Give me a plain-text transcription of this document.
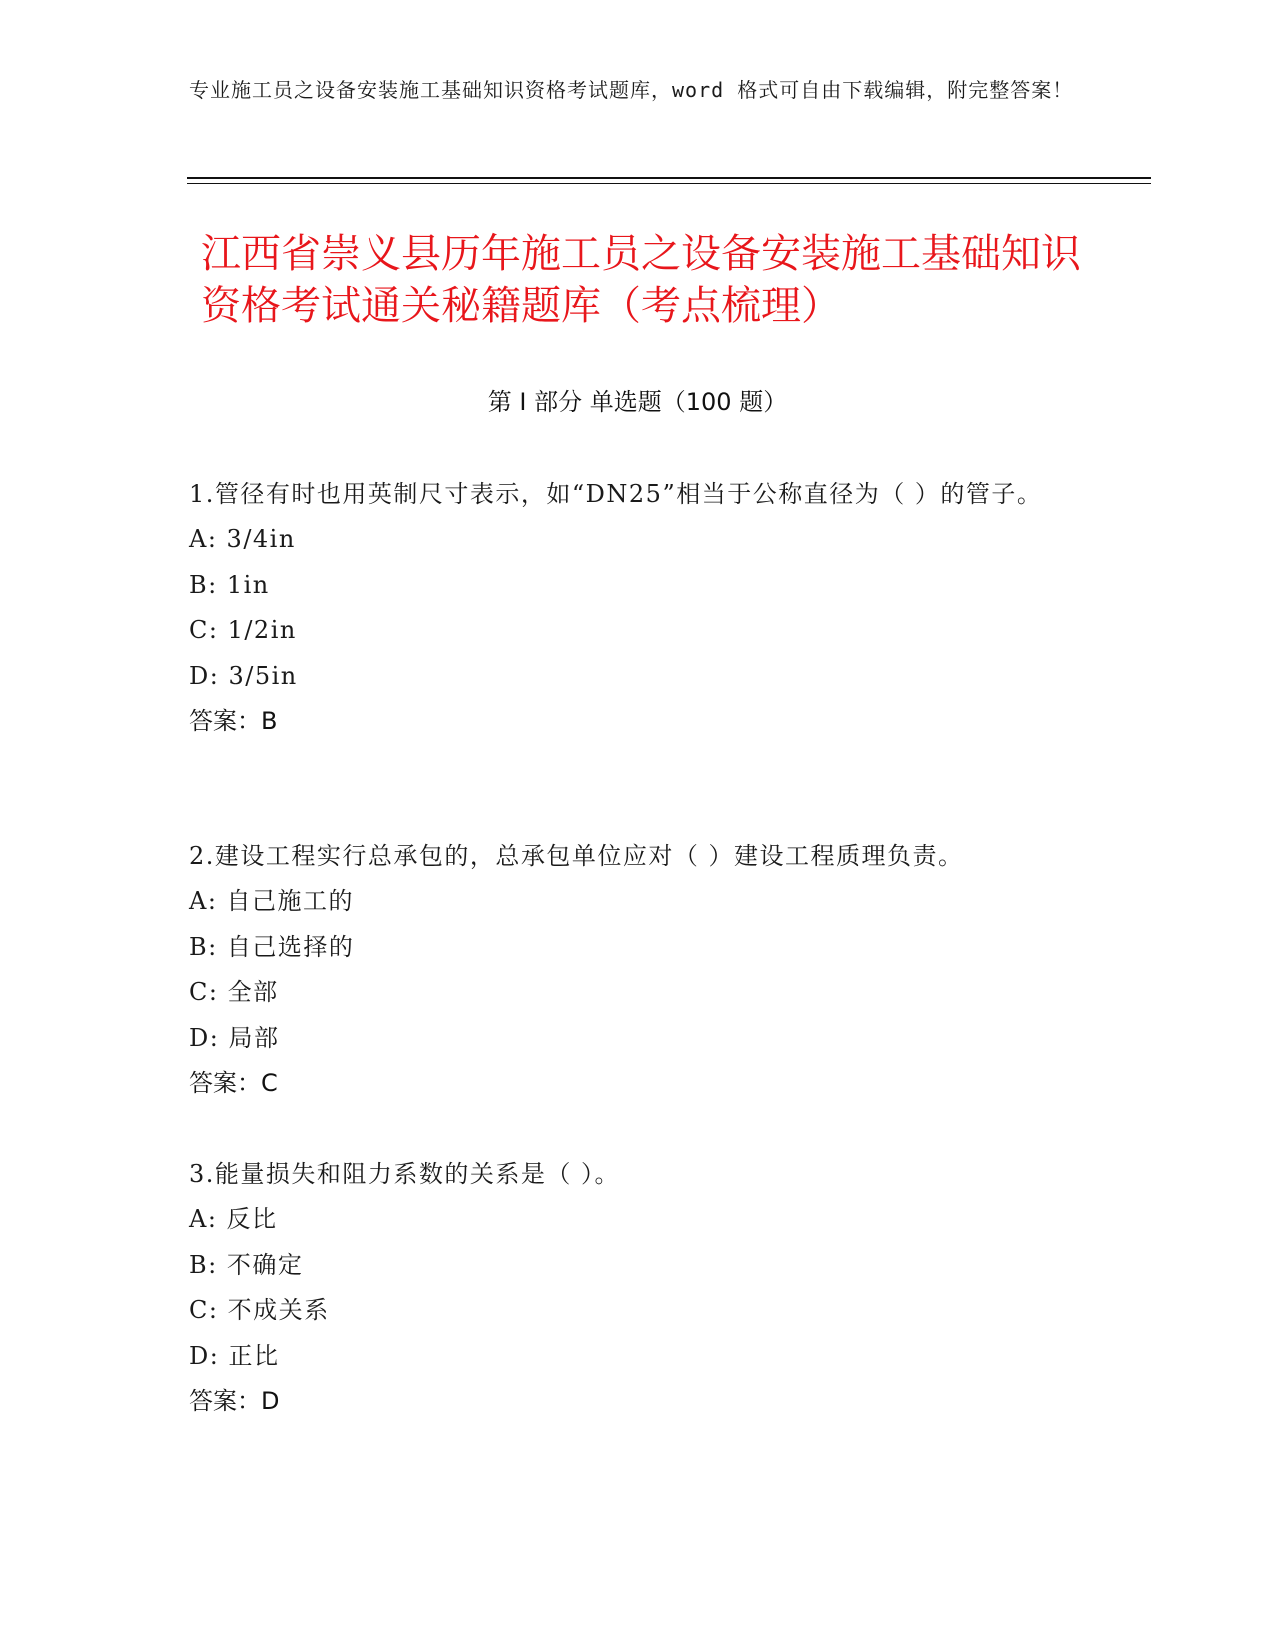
专业施工员之设备安装施工基础知识资格考试题库，word 格式可自由下载编辑，附完整答案！
江西省崇义县历年施工员之设备安装施工基础知识资格考试通关秘籍题库（考点梳理）
第 I 部分 单选题（100 题）
1.管径有时也用英制尺寸表示，如“DN25”相当于公称直径为（ ）的管子。
A: 3/4in
B: 1in
C: 1/2in
D: 3/5in
答案：B
2.建设工程实行总承包的，总承包单位应对（ ）建设工程质理负责。
A: 自己施工的
B: 自己选择的
C: 全部
D: 局部
答案：C
3.能量损失和阻力系数的关系是（ ）。
A: 反比
B: 不确定
C: 不成关系
D: 正比
答案：D
